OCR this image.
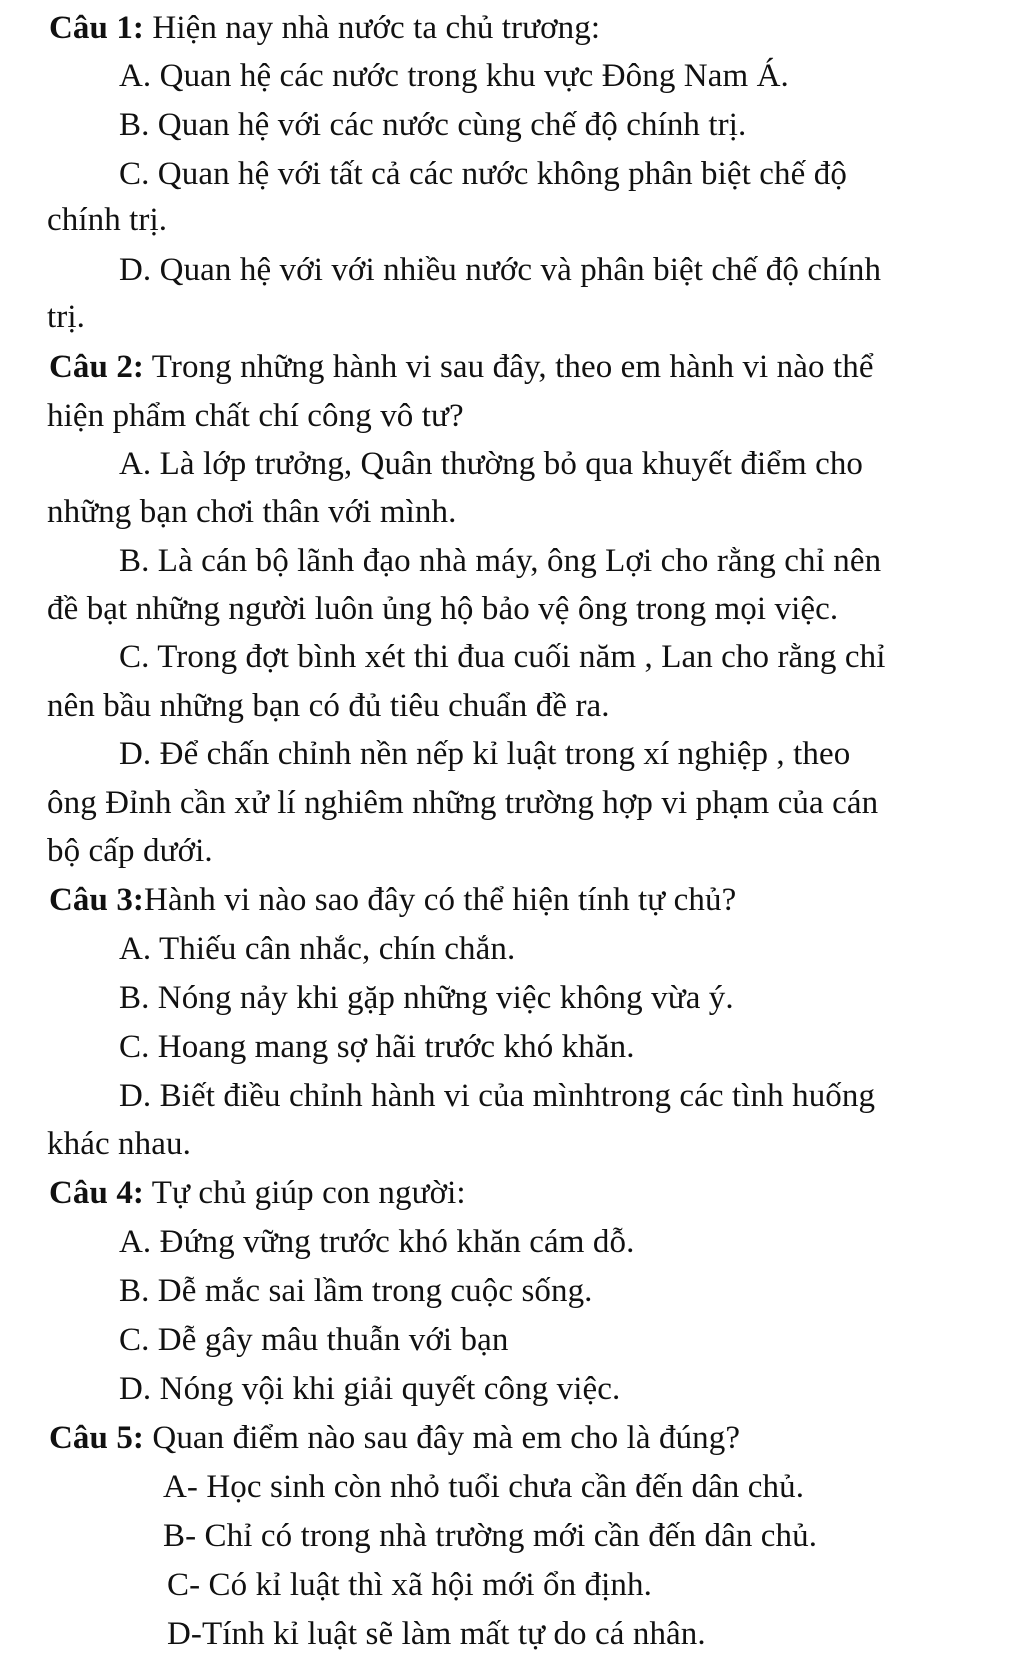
Câu 1: Hiện nay nhà nước ta chủ trương:
A. Quan hệ các nước trong khu vực Đông Nam Á.
B. Quan hệ với các nước cùng chế độ chính trị.
C. Quan hệ với tất cả các nước không phân biệt chế độ
chính trị.
D. Quan hệ với với nhiều nước và phân biệt chế độ chính
trị.
Câu 2: Trong những hành vi sau đây, theo em hành vi nào thể
hiện phẩm chất chí công vô tư?
A. Là lớp trưởng, Quân thường bỏ qua khuyết điểm cho
những bạn chơi thân với mình.
B. Là cán bộ lãnh đạo nhà máy, ông Lợi cho rằng chỉ nên
đề bạt những người luôn ủng hộ bảo vệ ông trong mọi việc.
C. Trong đợt bình xét thi đua cuối năm , Lan cho rằng chỉ
nên bầu những bạn có đủ tiêu chuẩn đề ra.
D. Để chấn chỉnh nền nếp kỉ luật trong xí nghiệp , theo
ông Đỉnh cần xử lí nghiêm những trường hợp vi phạm của cán
bộ cấp dưới.
Câu 3:Hành vi nào sao đây có thể hiện tính tự chủ?
A. Thiếu cân nhắc, chín chắn.
B. Nóng nảy khi gặp những việc không vừa ý.
C. Hoang mang sợ hãi trước khó khăn.
D. Biết điều chỉnh hành vi của mìnhtrong các tình huống
khác nhau.
Câu 4: Tự chủ giúp con người:
A. Đứng vững trước khó khăn cám dỗ.
B. Dễ mắc sai lầm trong cuộc sống.
C. Dễ gây mâu thuẫn với bạn
D. Nóng vội khi giải quyết công việc.
Câu 5: Quan điểm nào sau đây mà em cho là đúng?
A- Học sinh còn nhỏ tuổi chưa cần đến dân chủ.
B- Chỉ có trong nhà trường mới cần đến dân chủ.
C- Có kỉ luật thì xã hội mới ổn định.
D-Tính kỉ luật sẽ làm mất tự do cá nhân.
